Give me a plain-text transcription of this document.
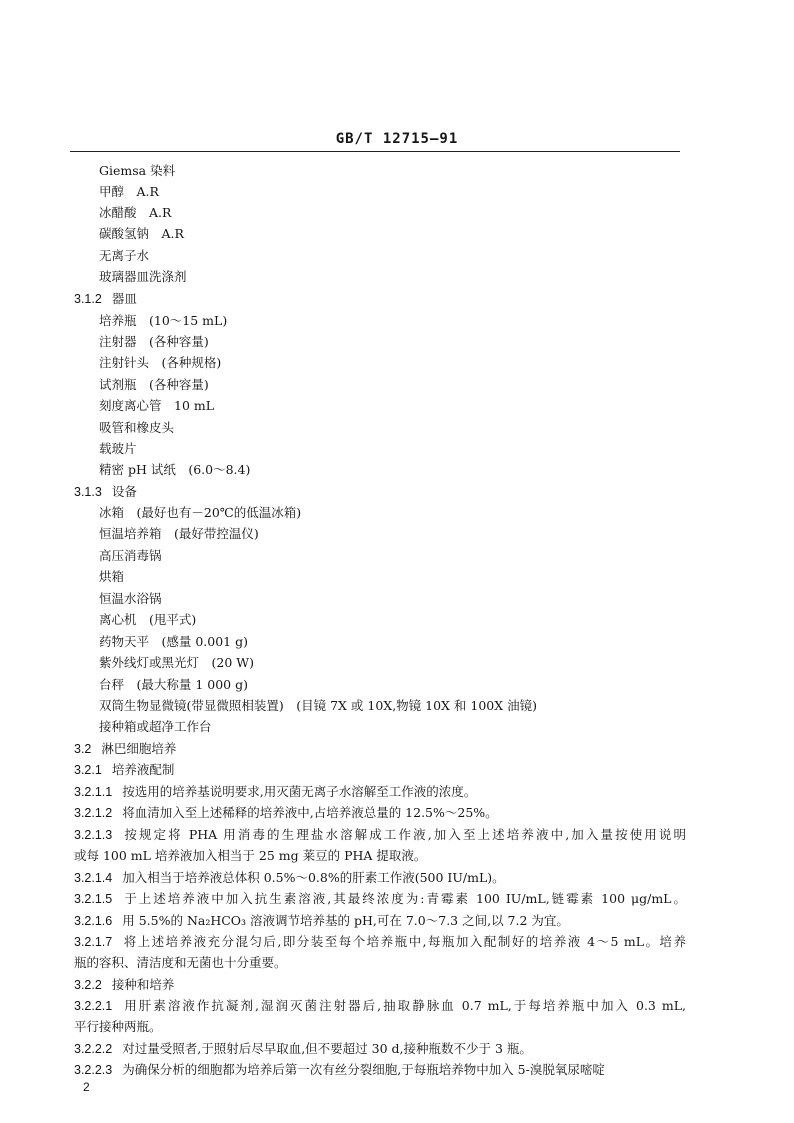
GB/T 12715—91
Giemsa 染料
甲醇　A.R
冰醋酸　A.R
碳酸氢钠　A.R
无离子水
玻璃器皿洗涤剂
3.1.2 器皿
培养瓶　(10～15 mL)
注射器　(各种容量)
注射针头　(各种规格)
试剂瓶　(各种容量)
刻度离心管　10 mL
吸管和橡皮头
载玻片
精密 pH 试纸　(6.0～8.4)
3.1.3 设备
冰箱　(最好也有－20℃的低温冰箱)
恒温培养箱　(最好带控温仪)
高压消毒锅
烘箱
恒温水浴锅
离心机　(甩平式)
药物天平　(感量 0.001 g)
紫外线灯或黑光灯　(20 W)
台秤　(最大称量 1 000 g)
双筒生物显微镜(带显微照相装置)　(目镜 7X 或 10X,物镜 10X 和 100X 油镜)
接种箱或超净工作台
3.2 淋巴细胞培养
3.2.1 培养液配制
3.2.1.1 按选用的培养基说明要求,用灭菌无离子水溶解至工作液的浓度。
3.2.1.2 将血清加入至上述稀释的培养液中,占培养液总量的 12.5%～25%。
3.2.1.3 按规定将 PHA 用消毒的生理盐水溶解成工作液,加入至上述培养液中,加入量按使用说明
或每 100 mL 培养液加入相当于 25 mg 莱豆的 PHA 提取液。
3.2.1.4 加入相当于培养液总体积 0.5%～0.8%的肝素工作液(500 IU/mL)。
3.2.1.5 于上述培养液中加入抗生素溶液,其最终浓度为:青霉素 100 IU/mL,链霉素 100 μg/mL。
3.2.1.6 用 5.5%的 Na₂HCO₃ 溶液调节培养基的 pH,可在 7.0～7.3 之间,以 7.2 为宜。
3.2.1.7 将上述培养液充分混匀后,即分装至每个培养瓶中,每瓶加入配制好的培养液 4～5 mL。培养
瓶的容积、清洁度和无菌也十分重要。
3.2.2 接种和培养
3.2.2.1 用肝素溶液作抗凝剂,湿润灭菌注射器后,抽取静脉血 0.7 mL,于每培养瓶中加入 0.3 mL,
平行接种两瓶。
3.2.2.2 对过量受照者,于照射后尽早取血,但不要超过 30 d,接种瓶数不少于 3 瓶。
3.2.2.3 为确保分析的细胞都为培养后第一次有丝分裂细胞,于每瓶培养物中加入 5-溴脱氧尿嘧啶
2
